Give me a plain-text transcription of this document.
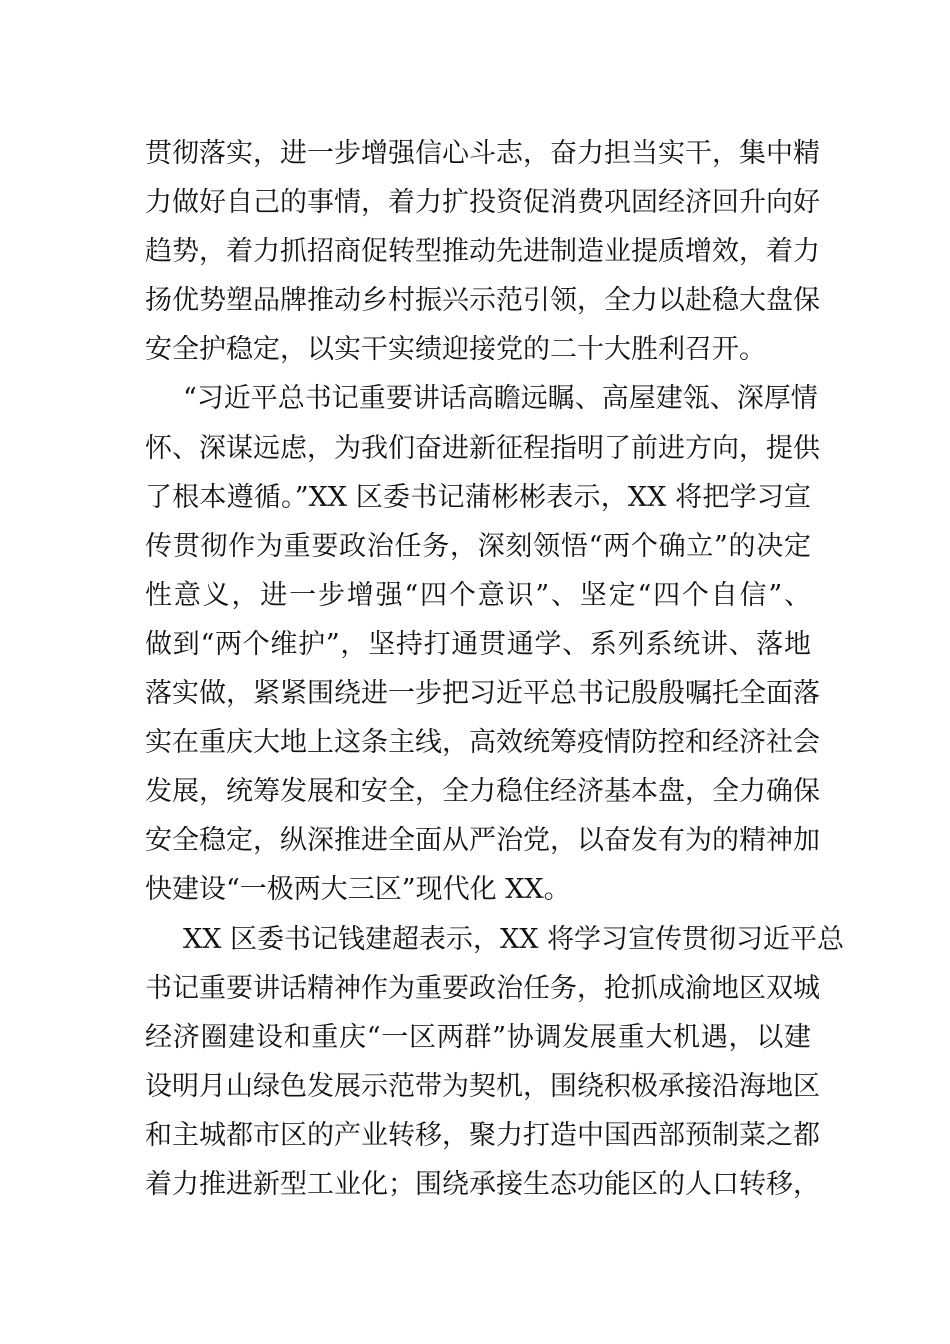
贯彻落实，进一步增强信心斗志，奋力担当实干，集中精
力做好自己的事情，着力扩投资促消费巩固经济回升向好
趋势，着力抓招商促转型推动先进制造业提质增效，着力
扬优势塑品牌推动乡村振兴示范引领，全力以赴稳大盘保
安全护稳定，以实干实绩迎接党的二十大胜利召开。
“习近平总书记重要讲话高瞻远瞩、高屋建瓴、深厚情
怀、深谋远虑，为我们奋进新征程指明了前进方向，提供
了根本遵循。”XX 区委书记蒲彬彬表示，XX 将把学习宣
传贯彻作为重要政治任务，深刻领悟“两个确立”的决定
性意义，进一步增强“四个意识”、坚定“四个自信”、
做到“两个维护”，坚持打通贯通学、系列系统讲、落地
落实做，紧紧围绕进一步把习近平总书记殷殷嘱托全面落
实在重庆大地上这条主线，高效统筹疫情防控和经济社会
发展，统筹发展和安全，全力稳住经济基本盘，全力确保
安全稳定，纵深推进全面从严治党，以奋发有为的精神加
快建设“一极两大三区”现代化 XX。
XX 区委书记钱建超表示，XX 将学习宣传贯彻习近平总
书记重要讲话精神作为重要政治任务，抢抓成渝地区双城
经济圈建设和重庆“一区两群”协调发展重大机遇，以建
设明月山绿色发展示范带为契机，围绕积极承接沿海地区
和主城都市区的产业转移，聚力打造中国西部预制菜之都
着力推进新型工业化；围绕承接生态功能区的人口转移，
